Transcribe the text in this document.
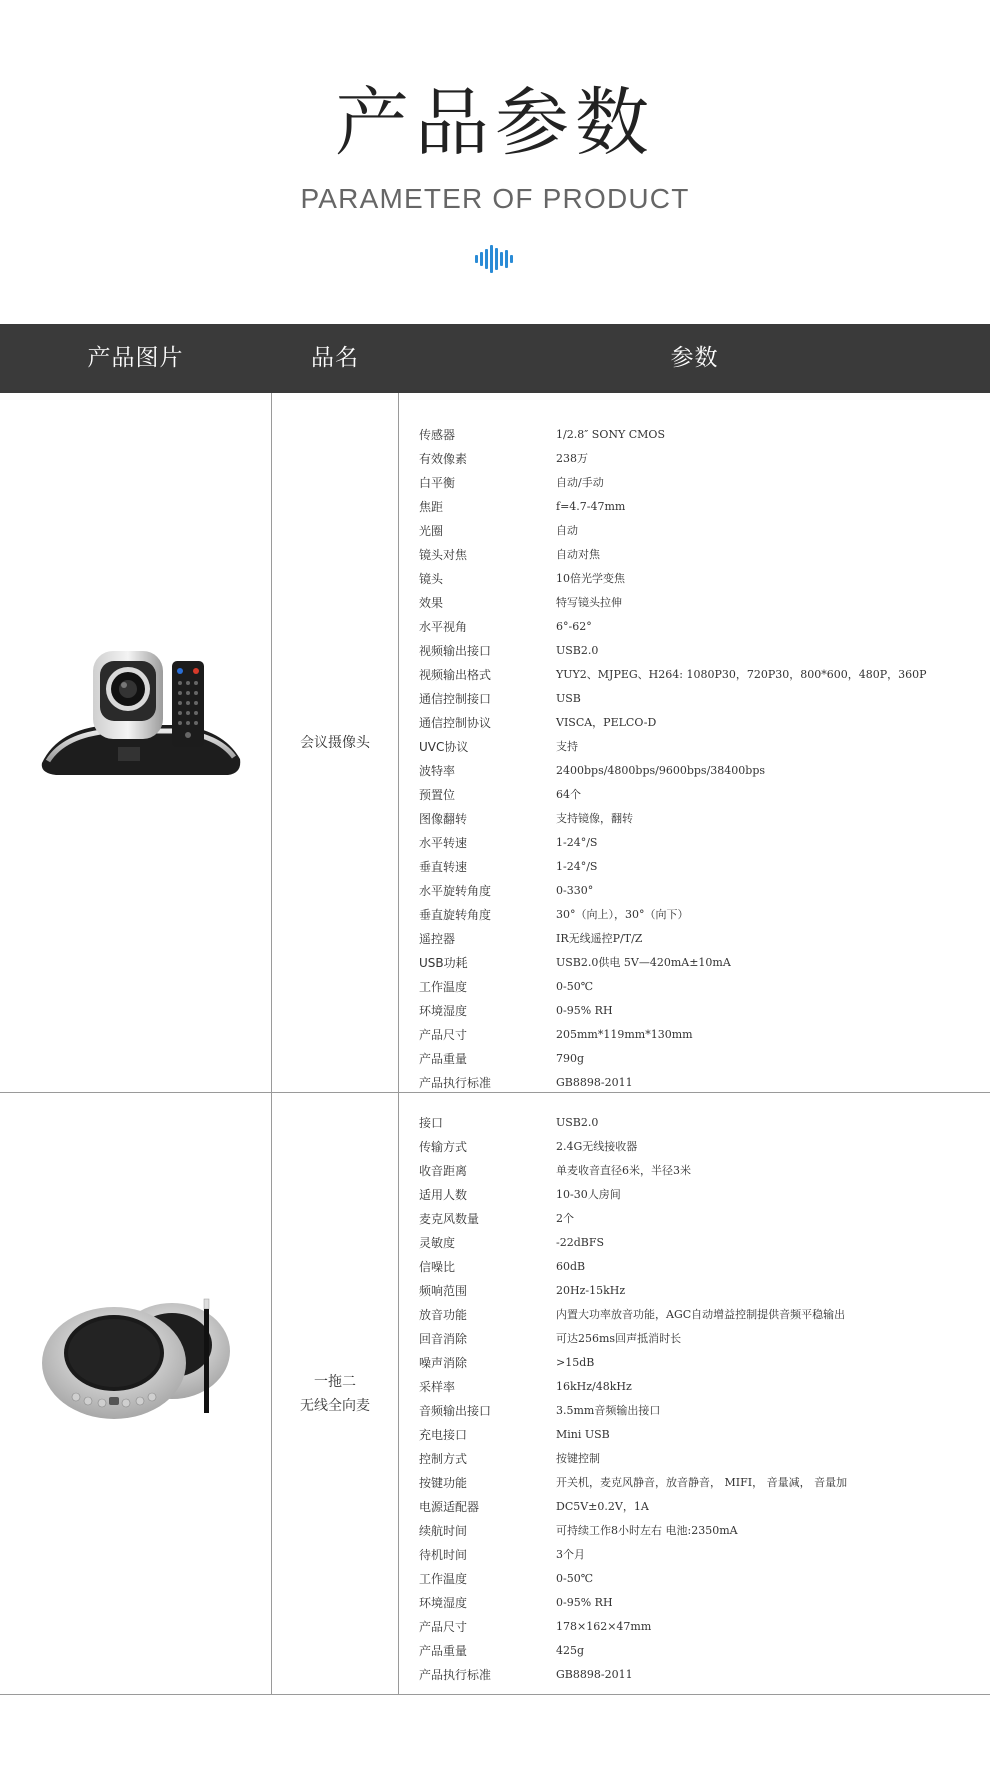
产品参数
PARAMETER OF PRODUCT
产品图片	品名	参数
会议摄像头
传感器	1/2.8″ SONY CMOS
有效像素	238万
白平衡	自动/手动
焦距	f=4.7-47mm
光圈	自动
镜头对焦	自动对焦
镜头	10倍光学变焦
效果	特写镜头拉伸
水平视角	6°-62°
视频输出接口	USB2.0
视频输出格式	YUY2、MJPEG、H264: 1080P30，720P30，800*600，480P，360P
通信控制接口	USB
通信控制协议	VISCA，PELCO-D
UVC协议	支持
波特率	2400bps/4800bps/9600bps/38400bps
预置位	64个
图像翻转	支持镜像，翻转
水平转速	1-24°/S
垂直转速	1-24°/S
水平旋转角度	0-330°
垂直旋转角度	30°（向上），30°（向下）
遥控器	IR无线遥控P/T/Z
USB功耗	USB2.0供电 5V—420mA±10mA
工作温度	0-50℃
环境湿度	0-95% RH
产品尺寸	205mm*119mm*130mm
产品重量	790g
产品执行标准	GB8898-2011
一拖二
无线全向麦
接口	USB2.0
传输方式	2.4G无线接收器
收音距离	单麦收音直径6米，半径3米
适用人数	10-30人房间
麦克风数量	2个
灵敏度	-22dBFS
信噪比	60dB
频响范围	20Hz-15kHz
放音功能	内置大功率放音功能，AGC自动增益控制提供音频平稳输出
回音消除	可达256ms回声抵消时长
噪声消除	>15dB
采样率	16kHz/48kHz
音频输出接口	3.5mm音频输出接口
充电接口	Mini USB
控制方式	按键控制
按键功能	开关机，麦克风静音，放音静音， MIFI， 音量减， 音量加
电源适配器	DC5V±0.2V，1A
续航时间	可持续工作8小时左右 电池:2350mA
待机时间	3个月
工作温度	0-50℃
环境湿度	0-95% RH
产品尺寸	178×162×47mm
产品重量	425g
产品执行标准	GB8898-2011
